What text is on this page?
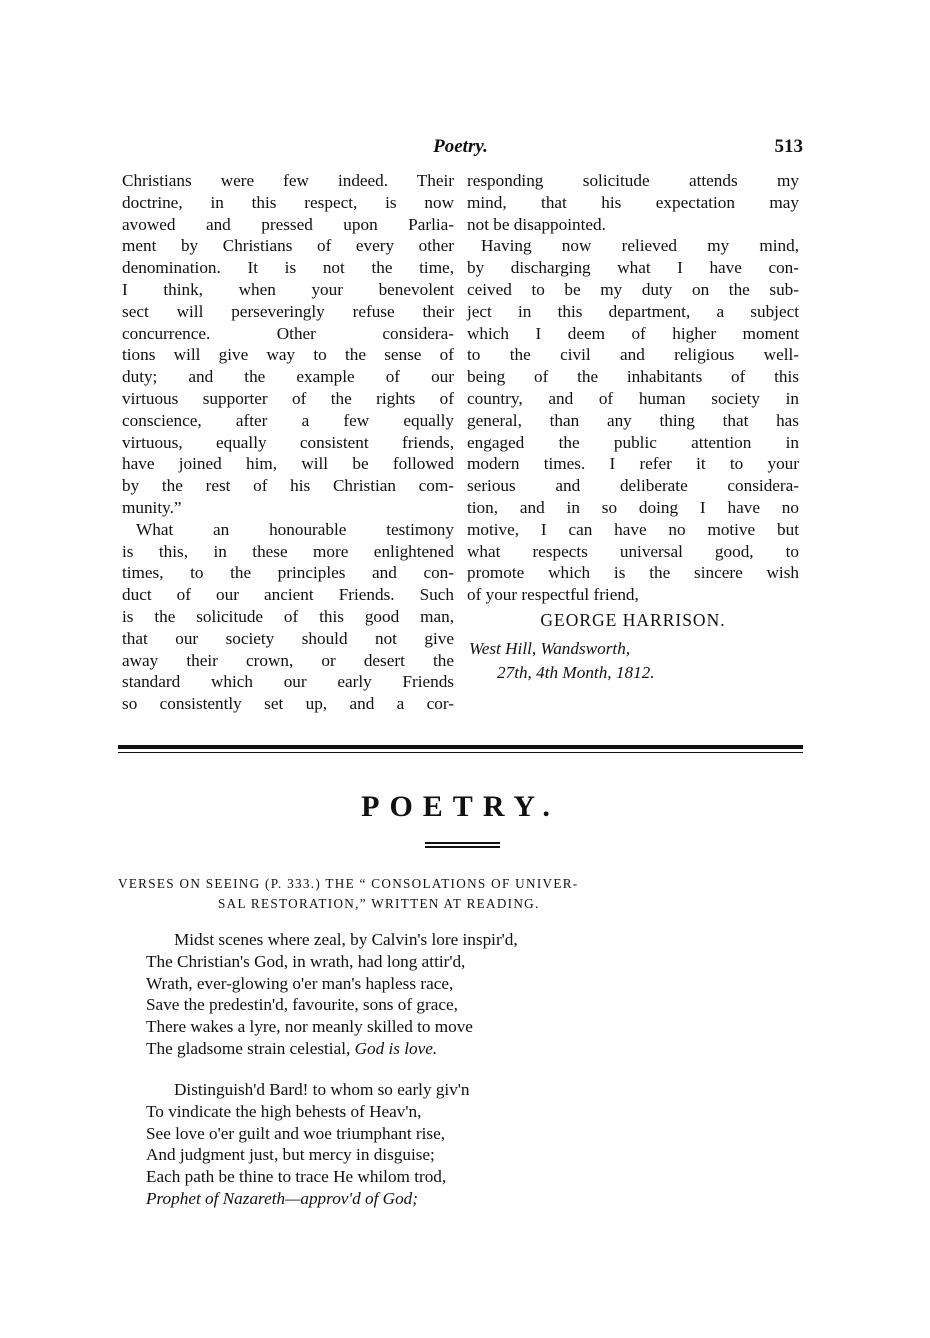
Poetry.	513
Christians were few indeed. Their
doctrine, in this respect, is now
avowed and pressed upon Parlia-
ment by Christians of every other
denomination. It is not the time,
I think, when your benevolent
sect will perseveringly refuse their
concurrence. Other considera-
tions will give way to the sense of
duty; and the example of our
virtuous supporter of the rights of
conscience, after a few equally
virtuous, equally consistent friends,
have joined him, will be followed
by the rest of his Christian com-
munity.”
What an honourable testimony
is this, in these more enlightened
times, to the principles and con-
duct of our ancient Friends. Such
is the solicitude of this good man,
that our society should not give
away their crown, or desert the
standard which our early Friends
so consistently set up, and a cor-
responding solicitude attends my
mind, that his expectation may
not be disappointed.
Having now relieved my mind,
by discharging what I have con-
ceived to be my duty on the sub-
ject in this department, a subject
which I deem of higher moment
to the civil and religious well-
being of the inhabitants of this
country, and of human society in
general, than any thing that has
engaged the public attention in
modern times. I refer it to your
serious and deliberate considera-
tion, and in so doing I have no
motive, I can have no motive but
what respects universal good, to
promote which is the sincere wish
of your respectful friend,
GEORGE HARRISON.
West Hill, Wandsworth,
27th, 4th Month, 1812.
POETRY.
VERSES ON SEEING (P. 333.) THE “ CONSOLATIONS OF UNIVER-
SAL RESTORATION,” WRITTEN AT READING.
Midst scenes where zeal, by Calvin's lore inspir'd,
The Christian's God, in wrath, had long attir'd,
Wrath, ever-glowing o'er man's hapless race,
Save the predestin'd, favourite, sons of grace,
There wakes a lyre, nor meanly skilled to move
The gladsome strain celestial, God is love.
Distinguish'd Bard! to whom so early giv'n
To vindicate the high behests of Heav'n,
See love o'er guilt and woe triumphant rise,
And judgment just, but mercy in disguise;
Each path be thine to trace He whilom trod,
Prophet of Nazareth—approv'd of God;
